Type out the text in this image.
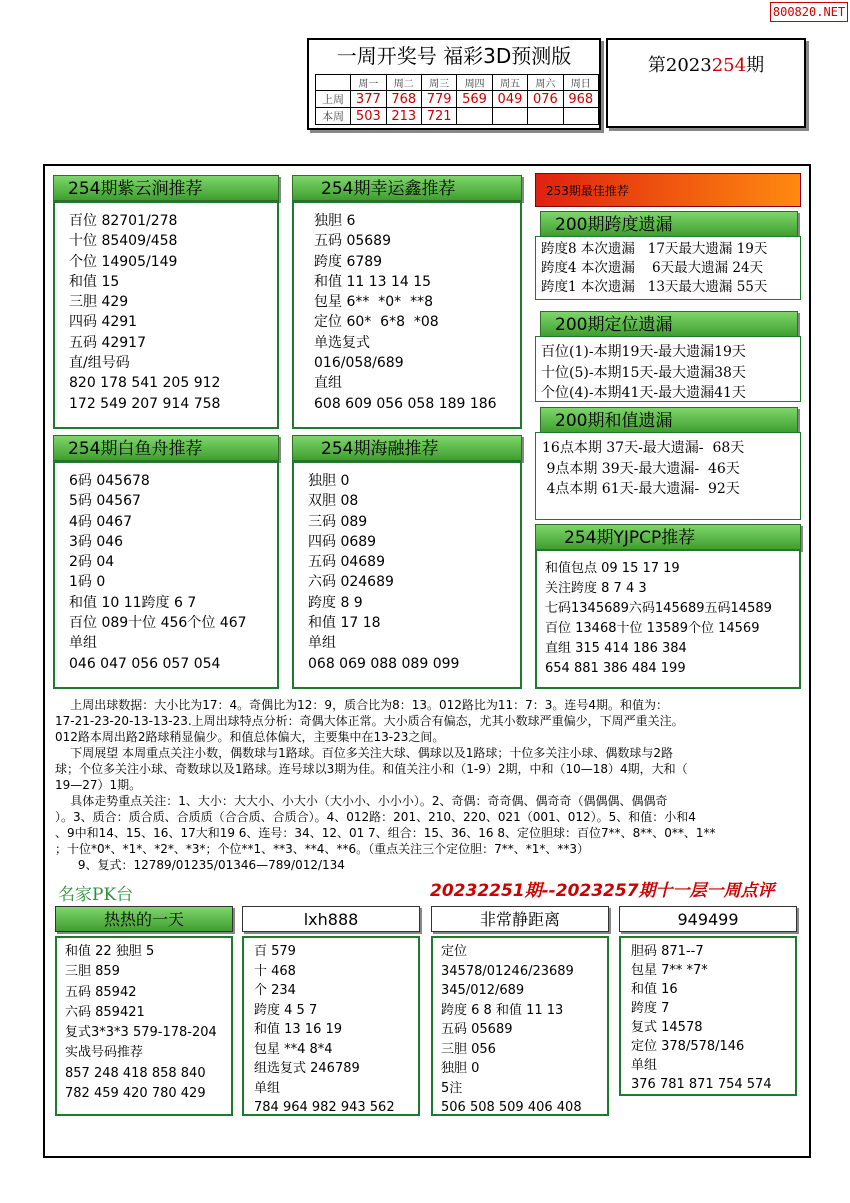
800820.NET
一周开奖号 福彩3D预测版
	周一	周二	周三	周四	周五	周六	周日
上周	377	768	779	569	049	076	968
本周	503	213	721				
第2023254期
254期紫云涧推荐
百位 82701/278
十位 85409/458
个位 14905/149
和值 15
三胆 429
四码 4291
五码 42917
直/组号码
820 178 541 205 912
172 549 207 914 758
254期幸运鑫推荐
独胆 6
五码 05689
跨度 6789
和值 11 13 14 15
包星 6**  *0*  **8
定位 60*  6*8  *08
单选复式
016/058/689
直组
608 609 056 058 189 186
254期白鱼舟推荐
6码 045678
5码 04567
4码 0467
3码 046
2码 04
1码 0
和值 10 11跨度 6 7
百位 089十位 456个位 467
单组
046 047 056 057 054
254期海融推荐
独胆 0
双胆 08
三码 089
四码 0689
五码 04689
六码 024689
跨度 8 9
和值 17 18
单组
068 069 088 089 099
253期最佳推荐
200期跨度遗漏
跨度8 本次遗漏   17天最大遗漏 19天
跨度4 本次遗漏    6天最大遗漏 24天
跨度1 本次遗漏   13天最大遗漏 55天
200期定位遗漏
百位(1)-本期19天-最大遗漏19天
十位(5)-本期15天-最大遗漏38天
个位(4)-本期41天-最大遗漏41天
200期和值遗漏
16点本期 37天-最大遗漏-  68天
9点本期 39天-最大遗漏-  46天
4点本期 61天-最大遗漏-  92天
254期YJPCP推荐
和值包点 09 15 17 19
关注跨度 8 7 4 3
七码1345689六码145689五码14589
百位 13468十位 13589个位 14569
直组 315 414 186 384
654 881 386 484 199
上周出球数据：大小比为17：4。奇偶比为12：9，质合比为8：13。012路比为11：7：3。连号4期。和值为：
17-21-23-20-13-13-23.上周出球特点分析：奇偶大体正常。大小质合有偏态，尤其小数球严重偏少，下周严重关注。
012路本周出路2路球稍显偏少。和值总体偏大，主要集中在13-23之间。
下周展望 本周重点关注小数，偶数球与1路球。百位多关注大球、偶球以及1路球；十位多关注小球、偶数球与2路
球；个位多关注小球、奇数球以及1路球。连号球以3期为佳。和值关注小和（1-9）2期，中和（10—18）4期，大和（
19—27）1期。
具体走势重点关注：1、大小：大大小、小大小（大小小、小小小）。2、奇偶：奇奇偶、偶奇奇（偶偶偶、偶偶奇
）。3、质合：质合质、合质质（合合质、合质合）。4、012路：201、210、220、021（001、012）。5、和值：小和4
、9中和14、15、16、17大和19 6、连号：34、12、01 7、组合：15、36、16 8、定位胆球：百位7**、8**、0**、1**
；十位*0*、*1*、*2*、*3*；个位**1、**3、**4、**6。（重点关注三个定位胆：7**、*1*、**3）
9、复式：12789/01235/01346—789/012/134
名家PK台	20232251期--2023257期十一层一周点评
热热的一天
和值 22 独胆 5
三胆 859
五码 85942
六码 859421
复式3*3*3 579-178-204
实战号码推荐
857 248 418 858 840
782 459 420 780 429
lxh888
百 579
十 468
个 234
跨度 4 5 7
和值 13 16 19
包星 **4 8*4
组选复式 246789
单组
784 964 982 943 562
非常静距离
定位
34578/01246/23689
345/012/689
跨度 6 8 和值 11 13
五码 05689
三胆 056
独胆 0
5注
506 508 509 406 408
949499
胆码 871--7
包星 7** *7*
和值 16
跨度 7
复式 14578
定位 378/578/146
单组
376 781 871 754 574
